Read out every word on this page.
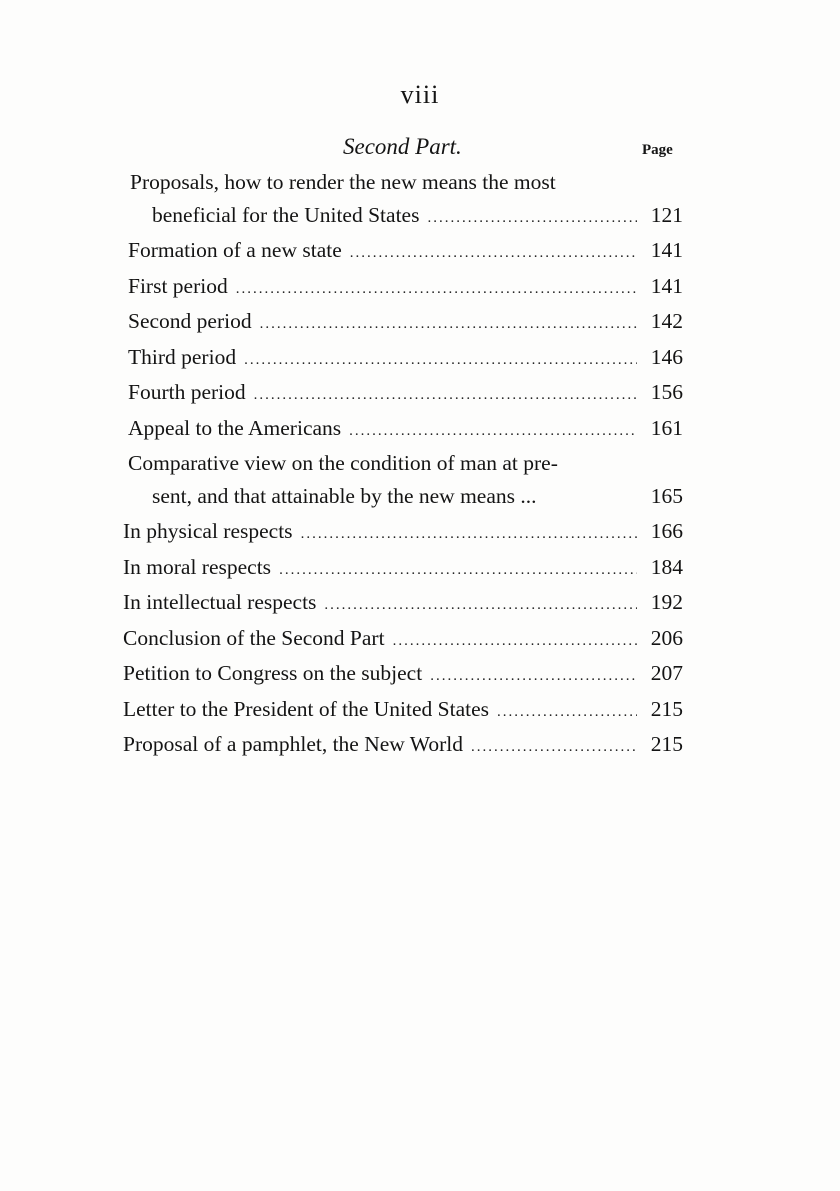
viii
Second Part.	Page
Proposals, how to render the new means the most
beneficial for the United States .....	121
Formation of a new state .....	141
First period .....	141
Second period .....	142
Third period .....	146
Fourth period .....	156
Appeal to the Americans .....	161
Comparative view on the condition of man at pre-
sent, and that attainable by the new means ...	165
In physical respects .....	166
In moral respects .....	184
In intellectual respects .....	192
Conclusion of the Second Part .....	206
Petition to Congress on the subject .....	207
Letter to the President of the United States .....	215
Proposal of a pamphlet, the New World .....	215
